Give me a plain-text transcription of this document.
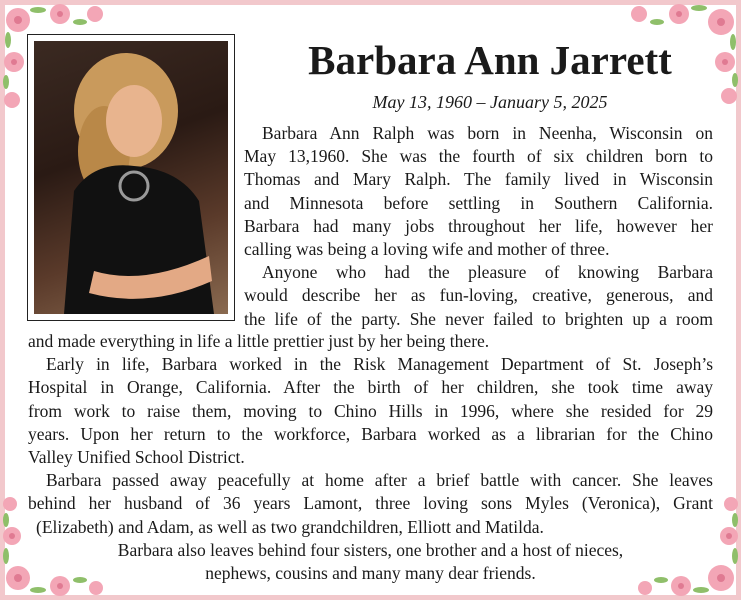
Barbara Ann Jarrett

May 13, 1960 – January 5, 2025

Barbara Ann Ralph was born in Neenha, Wisconsin on
May 13,1960. She was the fourth of six children born to
Thomas and Mary Ralph. The family lived in Wisconsin
and Minnesota before settling in Southern California.
Barbara had many jobs throughout her life, however her
calling was being a loving wife and mother of three.
Anyone who had the pleasure of knowing Barbara
would describe her as fun-loving, creative, generous, and
the life of the party. She never failed to brighten up a room
and made everything in life a little prettier just by her being there.
Early in life, Barbara worked in the Risk Management Department of St. Joseph’s
Hospital in Orange, California. After the birth of her children, she took time away
from work to raise them, moving to Chino Hills in 1996, where she resided for 29
years. Upon her return to the workforce, Barbara worked as a librarian for the Chino
Valley Unified School District.
Barbara passed away peacefully at home after a brief battle with cancer. She leaves
behind her husband of 36 years Lamont, three loving sons Myles (Veronica), Grant
(Elizabeth) and Adam, as well as two grandchildren, Elliott and Matilda.
Barbara also leaves behind four sisters, one brother and a host of nieces,
nephews, cousins and many many dear friends.
